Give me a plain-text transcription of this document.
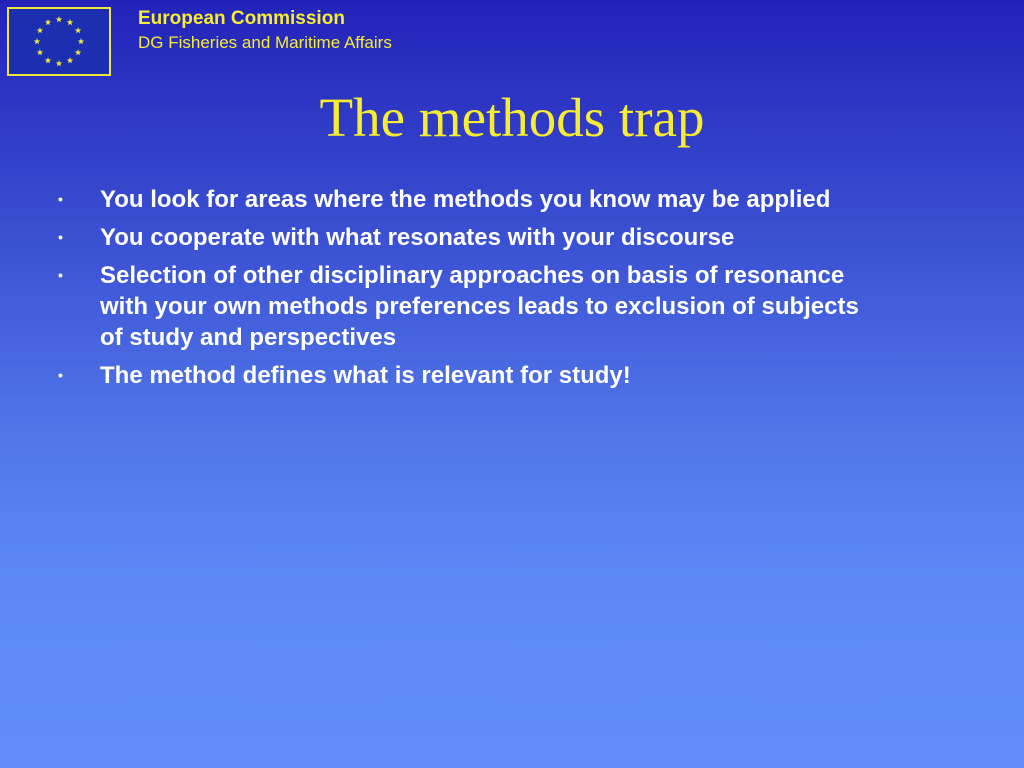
European Commission
DG Fisheries and Maritime Affairs
The methods trap
• You look for areas where the methods you know may be applied
• You cooperate with what resonates with your discourse
• Selection of other disciplinary approaches on basis of resonance with your own methods preferences leads to exclusion of subjects of study and perspectives
• The method defines what is relevant for study!
